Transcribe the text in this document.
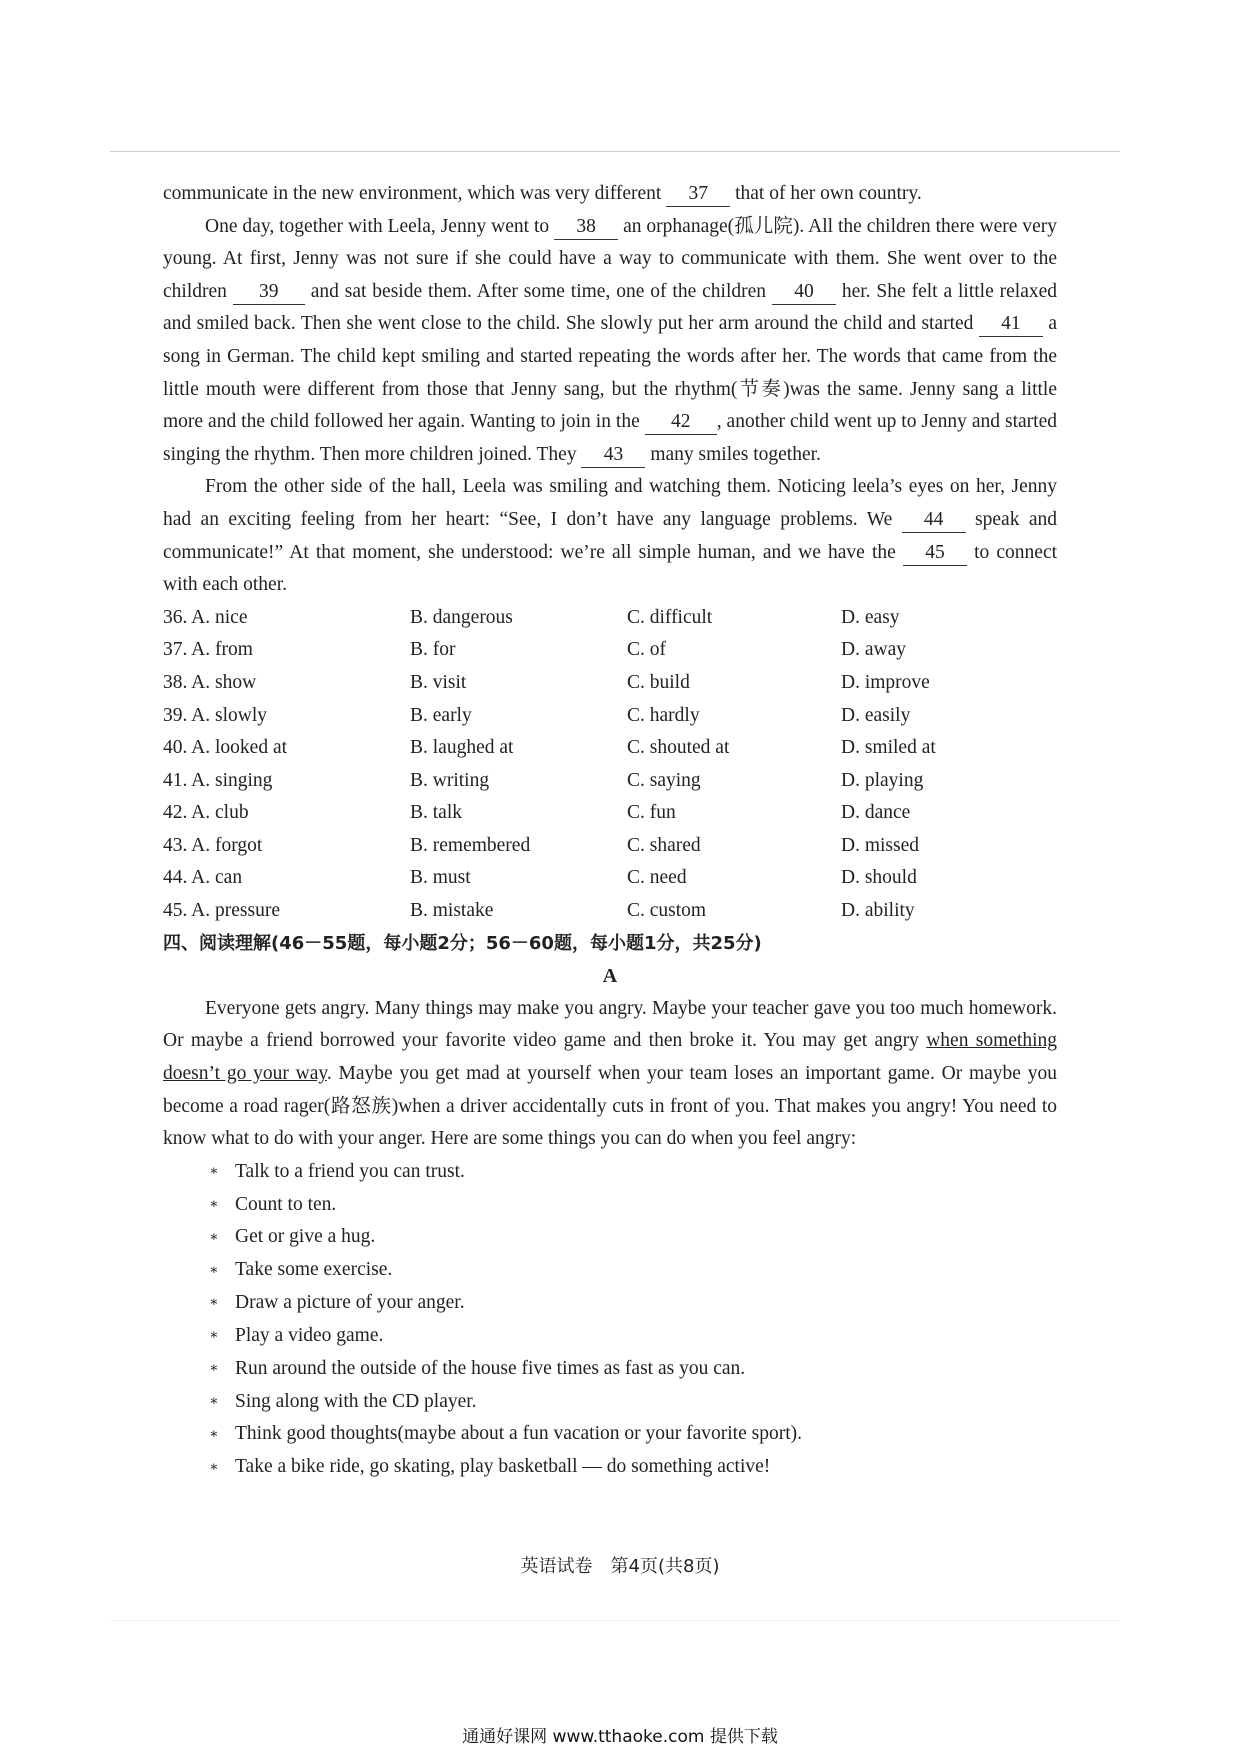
communicate in the new environment, which was very different 37 that of her own country.

One day, together with Leela, Jenny went to 38 an orphanage(孤儿院). All the children there were very young. At first, Jenny was not sure if she could have a way to communicate with them. She went over to the children 39 and sat beside them. After some time, one of the children 40 her. She felt a little relaxed and smiled back. Then she went close to the child. She slowly put her arm around the child and started 41 a song in German. The child kept smiling and started repeating the words after her. The words that came from the little mouth were different from those that Jenny sang, but the rhythm(节奏)was the same. Jenny sang a little more and the child followed her again. Wanting to join in the 42 , another child went up to Jenny and started singing the rhythm. Then more children joined. They 43 many smiles together.

From the other side of the hall, Leela was smiling and watching them. Noticing leela’s eyes on her, Jenny had an exciting feeling from her heart: “See, I don’t have any language problems. We 44 speak and communicate!” At that moment, she understood: we’re all simple human, and we have the 45 to connect with each other.

36. A. nice	B. dangerous	C. difficult	D. easy
37. A. from	B. for	C. of	D. away
38. A. show	B. visit	C. build	D. improve
39. A. slowly	B. early	C. hardly	D. easily
40. A. looked at	B. laughed at	C. shouted at	D. smiled at
41. A. singing	B. writing	C. saying	D. playing
42. A. club	B. talk	C. fun	D. dance
43. A. forgot	B. remembered	C. shared	D. missed
44. A. can	B. must	C. need	D. should
45. A. pressure	B. mistake	C. custom	D. ability

四、阅读理解(46－55题，每小题2分；56－60题，每小题1分，共25分)

A

Everyone gets angry. Many things may make you angry. Maybe your teacher gave you too much homework. Or maybe a friend borrowed your favorite video game and then broke it. You may get angry when something doesn’t go your way. Maybe you get mad at yourself when your team loses an important game. Or maybe you become a road rager(路怒族)when a driver accidentally cuts in front of you. That makes you angry! You need to know what to do with your anger. Here are some things you can do when you feel angry:

∗ Talk to a friend you can trust.
∗ Count to ten.
∗ Get or give a hug.
∗ Take some exercise.
∗ Draw a picture of your anger.
∗ Play a video game.
∗ Run around the outside of the house five times as fast as you can.
∗ Sing along with the CD player.
∗ Think good thoughts(maybe about a fun vacation or your favorite sport).
∗ Take a bike ride, go skating, play basketball — do something active!
英语试卷　第4页(共8页)
通通好课网 www.tthaoke.com 提供下载
